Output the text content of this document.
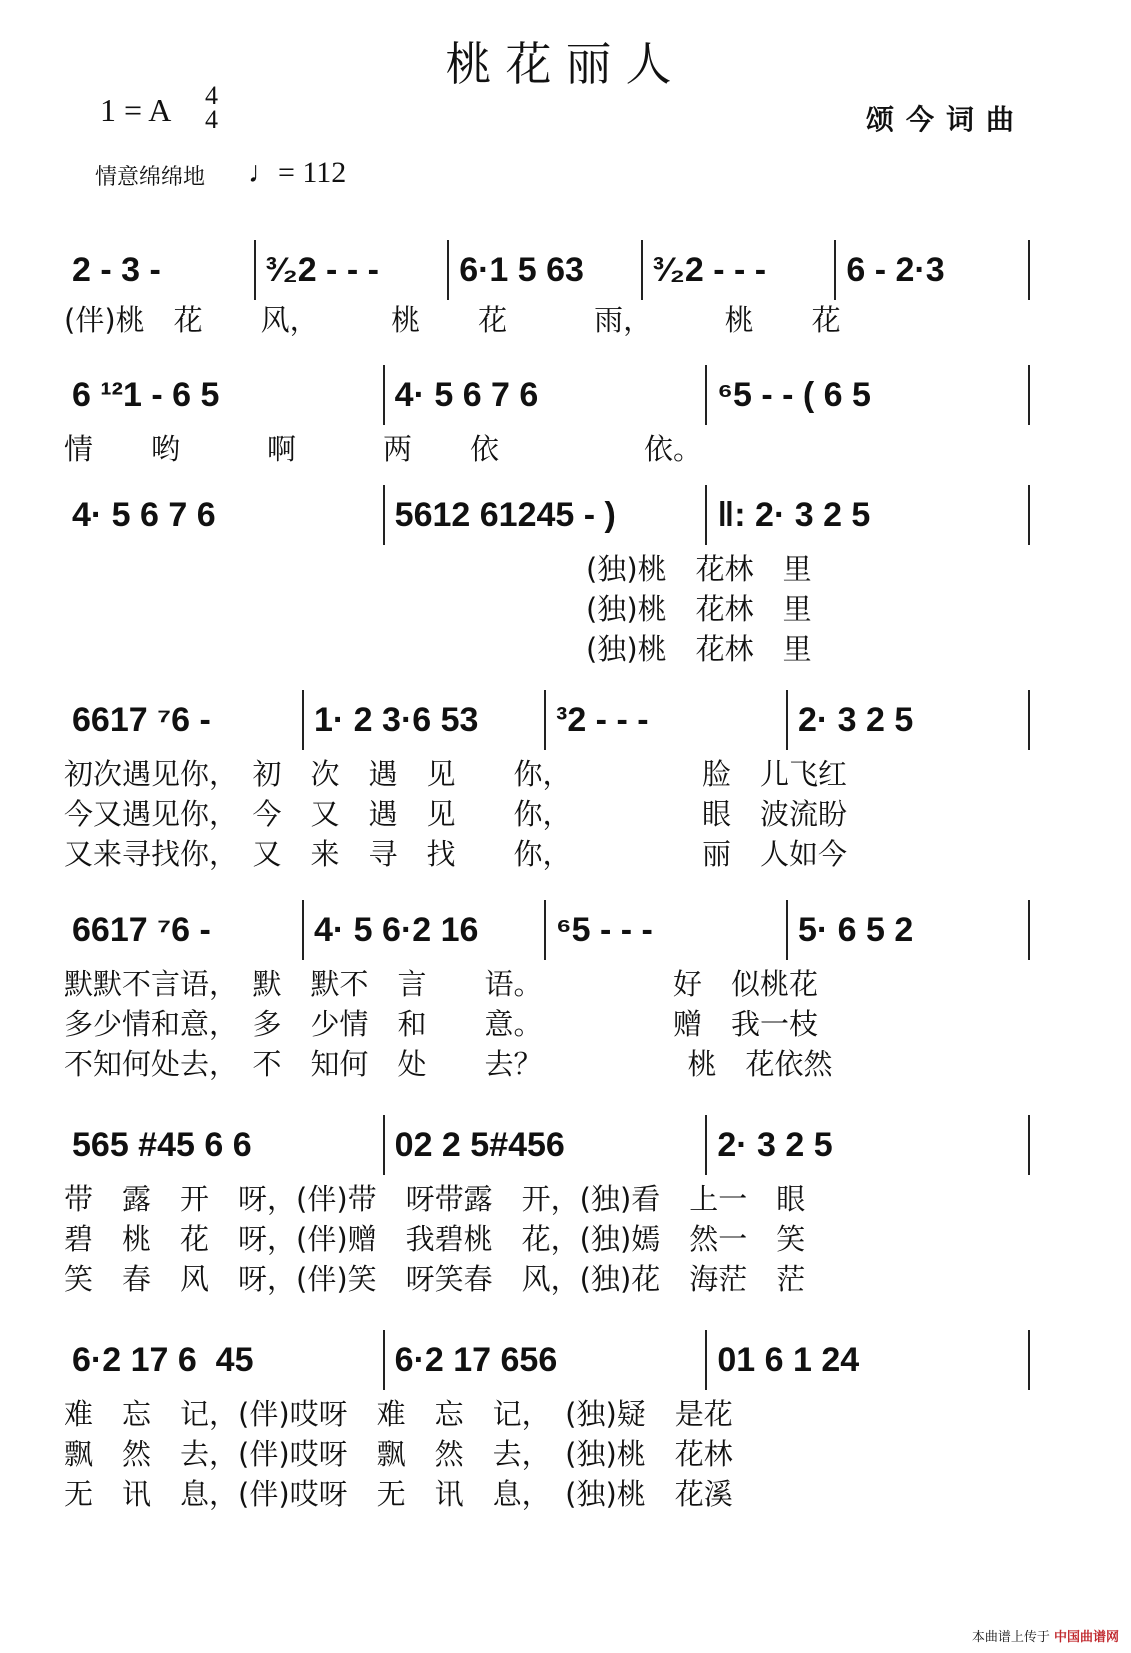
桃花丽人
1 = A 4
4	颂今词曲
情意绵绵地 ♩= 112
2 - 3 -	³⁄₂2 - - -	6·1 5 63	³⁄₂2 - - -	6 - 2·3
(伴)桃　花　　风，　　　桃　　花　　　雨，　　　桃　　花
6 ¹²1 - 6 5	4· 5 6 7 6	⁶5 - - ( 6 5
情　　哟　　　啊　　　两　　依　　　　　依。
4· 5 6 7 6	5612 61245 - )	‖: 2· 3 2 5
　　　　　　　　　　　　　　　　　　(独)桃　花林　里
　　　　　　　　　　　　　　　　　　(独)桃　花林　里
　　　　　　　　　　　　　　　　　　(独)桃　花林　里
6617 ⁷6 -	1· 2 3·6 53	³2 - - -	2· 3 2 5
初次遇见你，　初　次　遇　见　　你，　　　　　脸　儿飞红
今又遇见你，　今　又　遇　见　　你，　　　　　眼　波流盼
又来寻找你，　又　来　寻　找　　你，　　　　　丽　人如今
6617 ⁷6 -	4· 5 6·2 16	⁶5 - - -	5· 6 5 2
默默不言语，　默　默不　言　　语。　　　　　好　似桃花
多少情和意，　多　少情　和　　意。　　　　　赠　我一枝
不知何处去，　不　知何　处　　去？　　　　　桃　花依然
565 #45 6 6	02 2 5#456	2· 3 2 5
带　露　开　呀，(伴)带　呀带露　开，(独)看　上一　眼
碧　桃　花　呀，(伴)赠　我碧桃　花，(独)嫣　然一　笑
笑　春　风　呀，(伴)笑　呀笑春　风，(独)花　海茫　茫
6·2 17 6  45	6·2 17 656	01 6 1 24
难　忘　记，(伴)哎呀　难　忘　记，　(独)疑　是花
飘　然　去，(伴)哎呀　飘　然　去，　(独)桃　花林
无　讯　息，(伴)哎呀　无　讯　息，　(独)桃　花溪
本曲谱上传于 中国曲谱网
